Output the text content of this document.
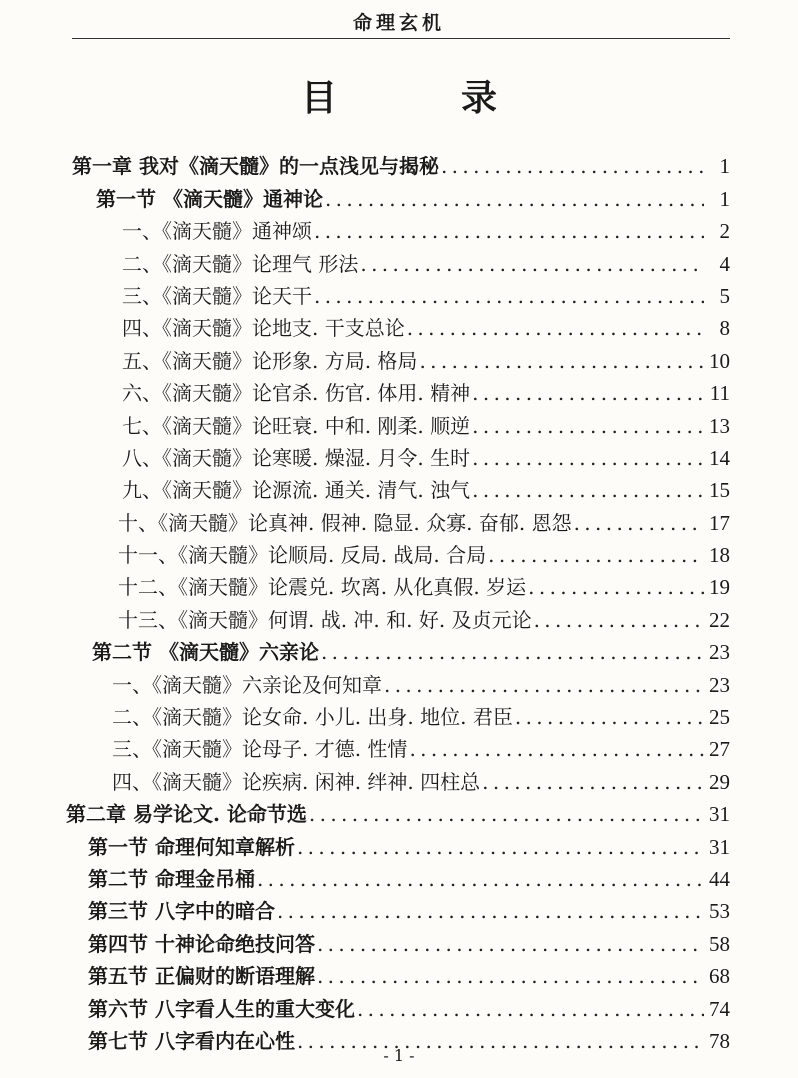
命理玄机
目	录
第一章 我对《滴天髓》的一点浅见与揭秘 . . .	1
第一节 《滴天髓》通神论 . . .	1
一、《滴天髓》通神颂 . . .	2
二、《滴天髓》论理气 形法 . . .	4
三、《滴天髓》论天干 . . .	5
四、《滴天髓》论地支. 干支总论 . . .	8
五、《滴天髓》论形象. 方局. 格局 . . .	10
六、《滴天髓》论官杀. 伤官. 体用. 精神 . . .	11
七、《滴天髓》论旺衰. 中和. 刚柔. 顺逆 . . .	13
八、《滴天髓》论寒暖. 燥湿. 月令. 生时 . . .	14
九、《滴天髓》论源流. 通关. 清气. 浊气 . . .	15
十、《滴天髓》论真神. 假神. 隐显. 众寡. 奋郁. 恩怨 . . .	17
十一、《滴天髓》论顺局. 反局. 战局. 合局 . . .	18
十二、《滴天髓》论震兑. 坎离. 从化真假. 岁运 . . .	19
十三、《滴天髓》何谓. 战. 冲. 和. 好. 及贞元论 . . .	22
第二节 《滴天髓》六亲论 . . .	23
一、《滴天髓》六亲论及何知章 . . .	23
二、《滴天髓》论女命. 小儿. 出身. 地位. 君臣 . . .	25
三、《滴天髓》论母子. 才德. 性情 . . .	27
四、《滴天髓》论疾病. 闲神. 绊神. 四柱总 . . .	29
第二章 易学论文. 论命节选 . . .	31
第一节 命理何知章解析 . . .	31
第二节 命理金吊桶 . . .	44
第三节 八字中的暗合 . . .	53
第四节 十神论命绝技问答 . . .	58
第五节 正偏财的断语理解 . . .	68
第六节 八字看人生的重大变化 . . .	74
第七节 八字看内在心性 . . .	78
- 1 -
